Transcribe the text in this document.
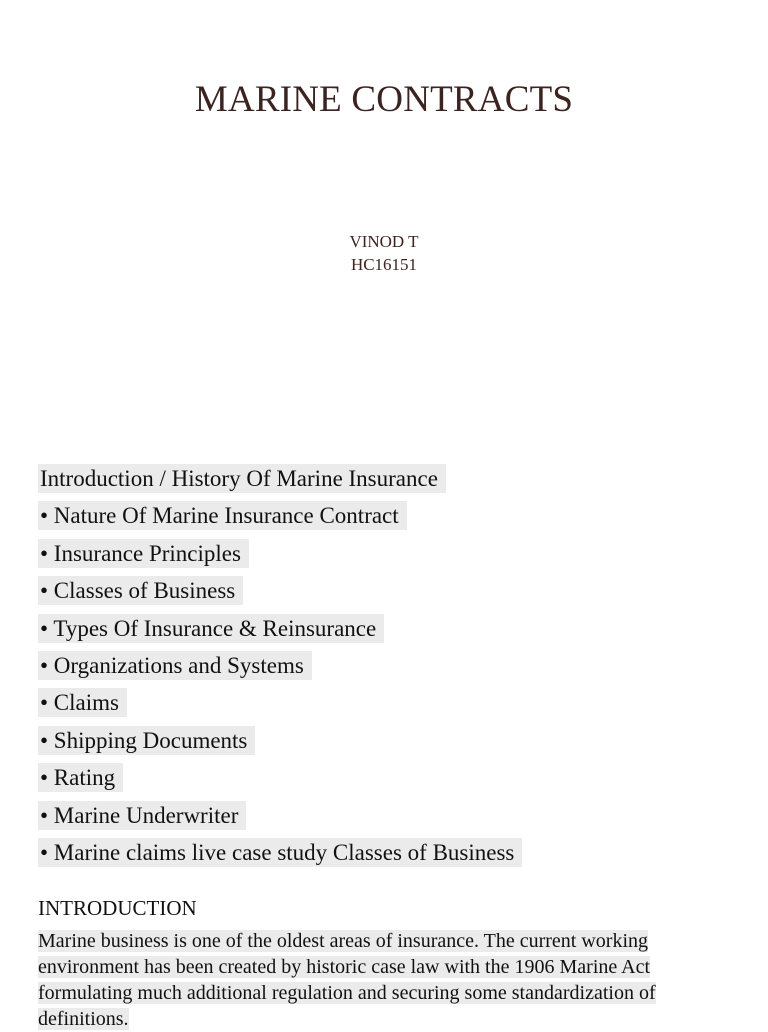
MARINE CONTRACTS
VINOD T
HC16151
Introduction / History Of Marine Insurance
• Nature Of Marine Insurance Contract
• Insurance Principles
• Classes of Business
• Types Of Insurance & Reinsurance
• Organizations and Systems
• Claims
• Shipping Documents
• Rating
• Marine Underwriter
• Marine claims live case study Classes of Business
INTRODUCTION
Marine business is one of the oldest areas of insurance. The current working environment has been created by historic case law with the 1906 Marine Act formulating much additional regulation and securing some standardization of definitions.
